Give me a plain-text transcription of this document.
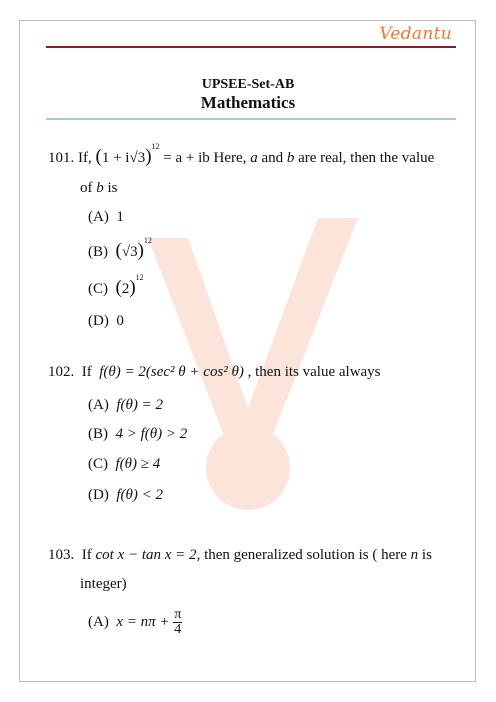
Vedantu
UPSEE-Set-AB
Mathematics
101. If, $(1 + i√3)^{12} = a$ + ib Here, a and b are real, then the value
of b is
(A) 1
(B) $(√3)^{12}$
(C) $(2)^{12}$
(D) 0
102. If f(θ) = 2(sec² θ + cos² θ) , then its value always
(A) f(θ) = 2
(B) 4 > f(θ) > 2
(C) f(θ) ≥ 4
(D) f(θ) < 2
103. If cot x − tan x = 2, then generalized solution is ( here n is
integer)
(A) $x = n\pi + \frac{\pi}{4}$
